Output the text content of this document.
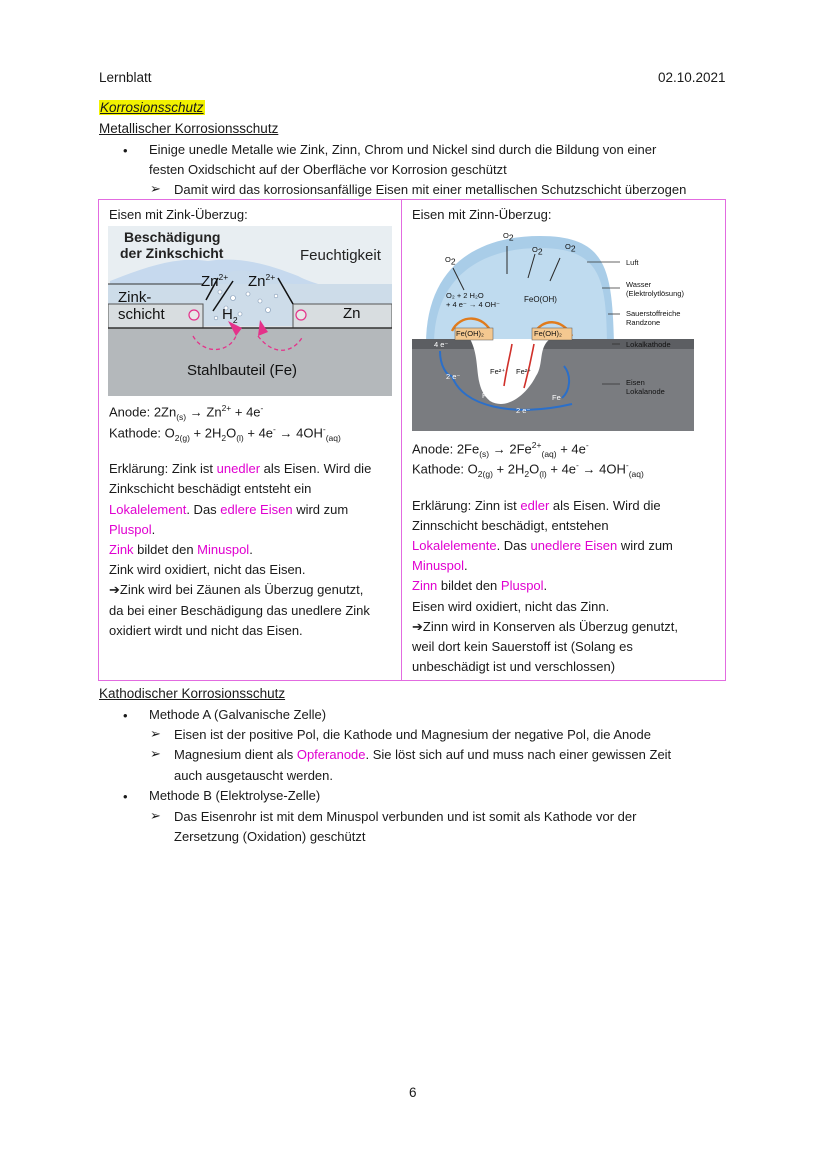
Lernblatt	02.10.2021
Korrosionsschutz
Metallischer Korrosionsschutz
• Einige unedle Metalle wie Zink, Zinn, Chrom und Nickel sind durch die Bildung von einer
festen Oxidschicht auf der Oberfläche vor Korrosion geschützt
➢ Damit wird das korrosionsanfällige Eisen mit einer metallischen Schutzschicht überzogen
Eisen mit Zink-Überzug:
Beschädigung
der Zinkschicht	Feuchtigkeit
$Zn^{2+}$ $Zn^{2+}$
Zink-
schicht	$H_2$	Zn
Stahlbauteil (Fe)
Anode: $2Zn_{(s)} \to Zn^{2+} + 4e^-$
Kathode: $O_{2(g)} + 2H_2O_{(l)} + 4e^- \to 4OH^-_{(aq)}$
Erklärung: Zink ist unedler als Eisen. Wird die
Zinkschicht beschädigt entsteht ein
Lokalelement. Das edlere Eisen wird zum
Pluspol.
Zink bildet den Minuspol.
Zink wird oxidiert, nicht das Eisen.
➔Zink wird bei Zäunen als Überzug genutzt,
da bei einer Beschädigung das unedlere Zink
oxidiert wirdt und nicht das Eisen.
Eisen mit Zinn-Überzug:
$O_2$
$O_2$	$O_2$
$O_2$
O₂ + 2 H₂O
+ 4 e⁻ → 4 OH⁻
FeO(OH)
Fe(OH)₂	Fe(OH)₂
4 e⁻
Fe²⁺ Fe²⁺
2 e⁻
2 e⁻
Fe	Fe
Luft
Wasser
(Elektrolytlösung)
Sauerstoffreiche
Randzone
Lokalkathode
Eisen
Lokalanode
Anode: $2Fe_{(s)} \to 2Fe^{2+}_{(aq)} + 4e^-$
Kathode: $O_{2(g)} + 2H_2O_{(l)} + 4e^- \to 4OH^-_{(aq)}$
Erklärung: Zinn ist edler als Eisen. Wird die
Zinnschicht beschädigt, entstehen
Lokalelemente. Das unedlere Eisen wird zum
Minuspol.
Zinn bildet den Pluspol.
Eisen wird oxidiert, nicht das Zinn.
➔Zinn wird in Konserven als Überzug genutzt,
weil dort kein Sauerstoff ist (Solang es
unbeschädigt ist und verschlossen)
Kathodischer Korrosionsschutz
• Methode A (Galvanische Zelle)
➢ Eisen ist der positive Pol, die Kathode und Magnesium der negative Pol, die Anode
➢ Magnesium dient als Opferanode. Sie löst sich auf und muss nach einer gewissen Zeit
auch ausgetauscht werden.
• Methode B (Elektrolyse-Zelle)
➢ Das Eisenrohr ist mit dem Minuspol verbunden und ist somit als Kathode vor der
Zersetzung (Oxidation) geschützt
6
